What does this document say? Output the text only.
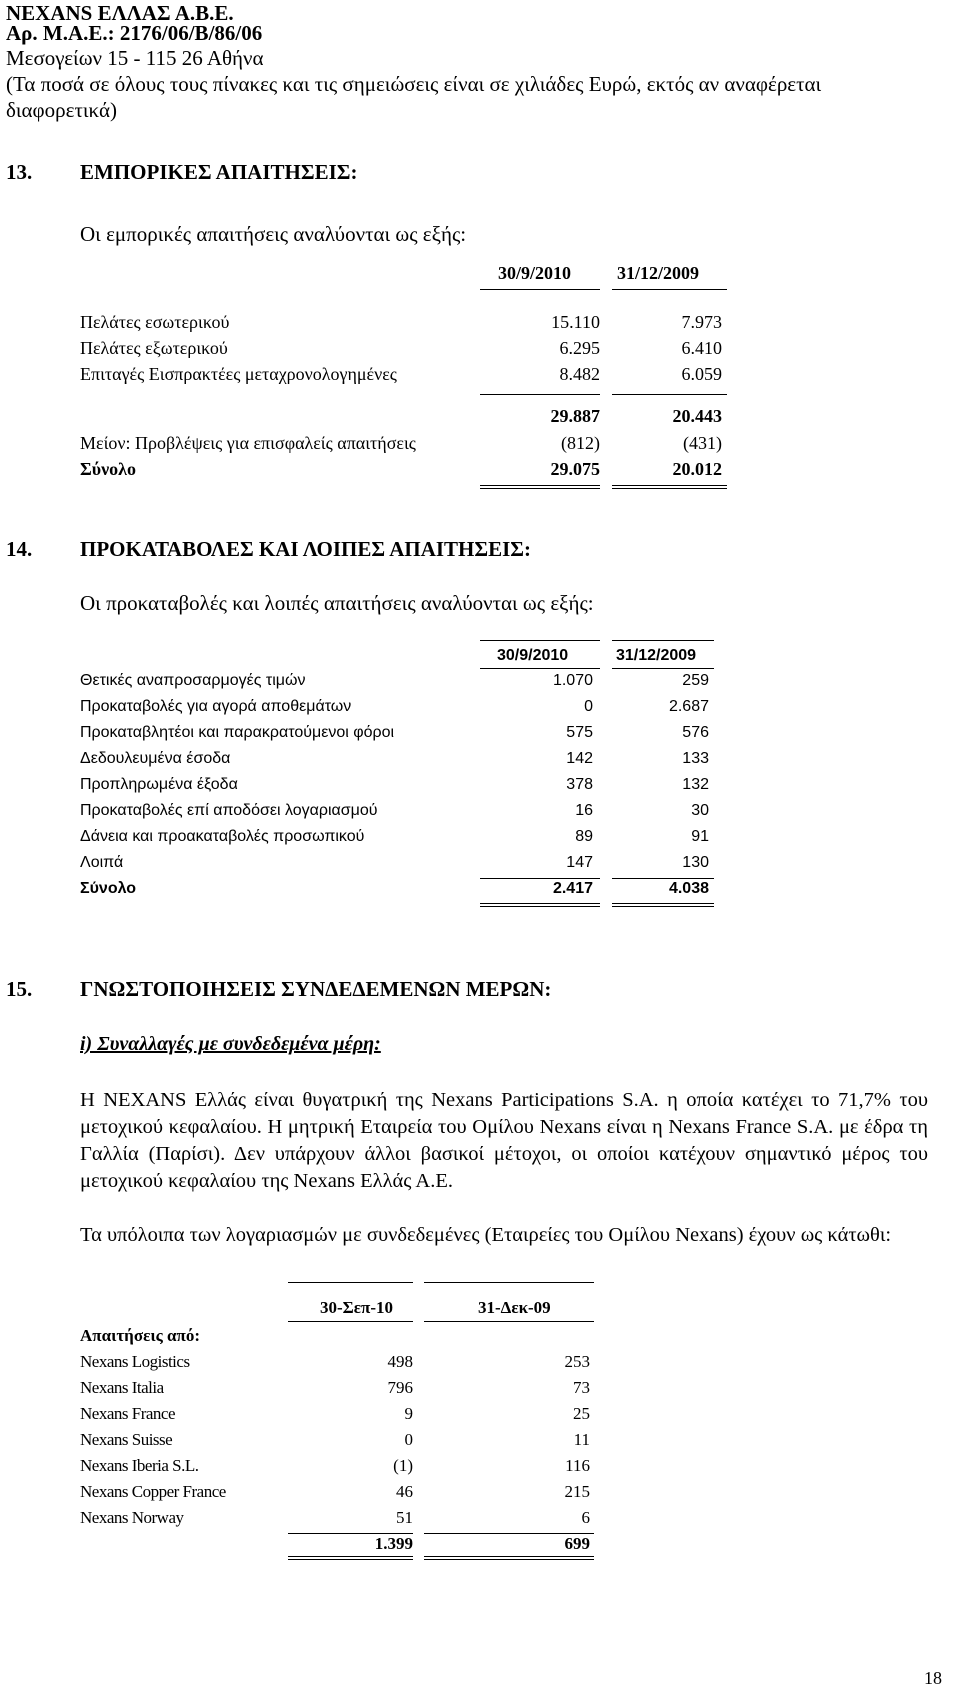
NEXANS ΕΛΛΑΣ Α.Β.Ε.
Αρ. Μ.Α.Ε.: 2176/06/Β/86/06
Μεσογείων 15 - 115 26 Αθήνα
(Τα ποσά σε όλους τους πίνακες και τις σημειώσεις είναι σε χιλιάδες Ευρώ, εκτός αν αναφέρεται
διαφορετικά)
13. ΕΜΠΟΡΙΚΕΣ ΑΠΑΙΤΗΣΕΙΣ:
Οι εμπορικές απαιτήσεις αναλύονται ως εξής:
30/9/2010	31/12/2009
Πελάτες εσωτερικού	15.110	7.973
Πελάτες εξωτερικού	6.295	6.410
Επιταγές Εισπρακτέες μεταχρονολογημένες	8.482	6.059
29.887	20.443
Μείον: Προβλέψεις για επισφαλείς απαιτήσεις	(812)	(431)
Σύνολο	29.075	20.012
14. ΠΡΟΚΑΤΑΒΟΛΕΣ ΚΑΙ ΛΟΙΠΕΣ ΑΠΑΙΤΗΣΕΙΣ:
Οι προκαταβολές και λοιπές απαιτήσεις αναλύονται ως εξής:
30/9/2010	31/12/2009
Θετικές αναπροσαρμογές τιμών	1.070	259
Προκαταβολές για αγορά αποθεμάτων	0	2.687
Προκαταβλητέοι και παρακρατούμενοι φόροι	575	576
Δεδουλευμένα έσοδα	142	133
Προπληρωμένα έξοδα	378	132
Προκαταβολές επί αποδόσει λογαριασμού	16	30
Δάνεια και προακαταβολές προσωπικού	89	91
Λοιπά	147	130
Σύνολο	2.417	4.038
15. ΓΝΩΣΤΟΠΟΙΗΣΕΙΣ ΣΥΝΔΕΔΕΜΕΝΩΝ ΜΕΡΩΝ:
i) Συναλλαγές με συνδεδεμένα μέρη:
Η NEXANS Ελλάς είναι θυγατρική της Nexans Participations S.A. η οποία κατέχει το 71,7% του μετοχικού κεφαλαίου. Η μητρική Εταιρεία του Ομίλου Nexans είναι η Nexans France S.A. με έδρα τη Γαλλία (Παρίσι). Δεν υπάρχουν άλλοι βασικοί μέτοχοι, οι οποίοι κατέχουν σημαντικό μέρος του μετοχικού κεφαλαίου της Nexans Ελλάς Α.Ε.
Τα υπόλοιπα των λογαριασμών με συνδεδεμένες (Εταιρείες του Ομίλου Nexans) έχουν ως κάτωθι:
30-Σεπ-10	31-Δεκ-09
Απαιτήσεις από:
Nexans Logistics	498	253
Nexans Italia	796	73
Nexans France	9	25
Nexans Suisse	0	11
Nexans Iberia S.L.	(1)	116
Nexans Copper France	46	215
Nexans Norway	51	6
1.399	699
18
